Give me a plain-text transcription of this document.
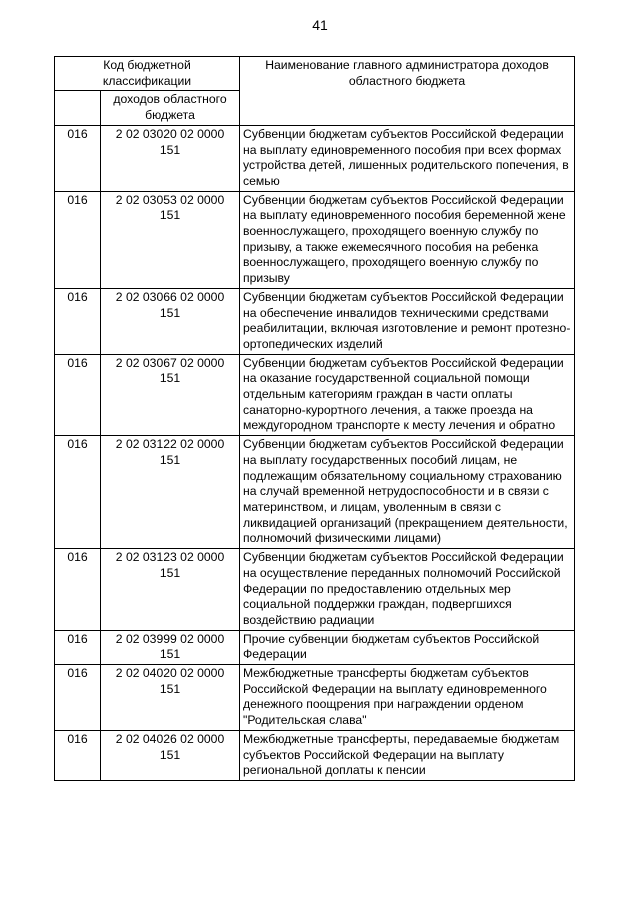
41
Код бюджетной классификации		Наименование главного администратора доходов областного бюджета
	доходов областного бюджета	
016	2 02 03020 02 0000 151	Субвенции бюджетам субъектов Российской Федерации на выплату единовременного пособия при всех формах устройства детей, лишенных родительского попечения, в семью
016	2 02 03053 02 0000 151	Субвенции бюджетам субъектов Российской Федерации на выплату единовременного пособия беременной жене военнослужащего, проходящего военную службу по призыву, а также ежемесячного пособия на ребенка военнослужащего, проходящего военную службу по призыву
016	2 02 03066 02 0000 151	Субвенции бюджетам субъектов Российской Федерации на обеспечение инвалидов техническими средствами реабилитации, включая изготовление и ремонт протезно-ортопедических изделий
016	2 02 03067 02 0000 151	Субвенции бюджетам субъектов Российской Федерации на оказание государственной социальной помощи отдельным категориям граждан в части оплаты санаторно-курортного лечения, а также проезда на междугородном транспорте к месту лечения и обратно
016	2 02 03122 02 0000 151	Субвенции бюджетам субъектов Российской Федерации на выплату государственных пособий лицам, не подлежащим обязательному социальному страхованию на случай временной нетрудоспособности и в связи с материнством, и лицам, уволенным в связи с ликвидацией организаций (прекращением деятельности, полномочий физическими лицами)
016	2 02 03123 02 0000 151	Субвенции бюджетам субъектов Российской Федерации на осуществление переданных полномочий Российской Федерации по предоставлению отдельных мер социальной поддержки граждан, подвергшихся воздействию радиации
016	2 02 03999 02 0000 151	Прочие субвенции бюджетам субъектов Российской Федерации
016	2 02 04020 02 0000 151	Межбюджетные трансферты бюджетам субъектов Российской Федерации на выплату единовременного денежного поощрения при награждении орденом "Родительская слава"
016	2 02 04026 02 0000 151	Межбюджетные трансферты, передаваемые бюджетам субъектов Российской Федерации на выплату региональной доплаты к пенсии
